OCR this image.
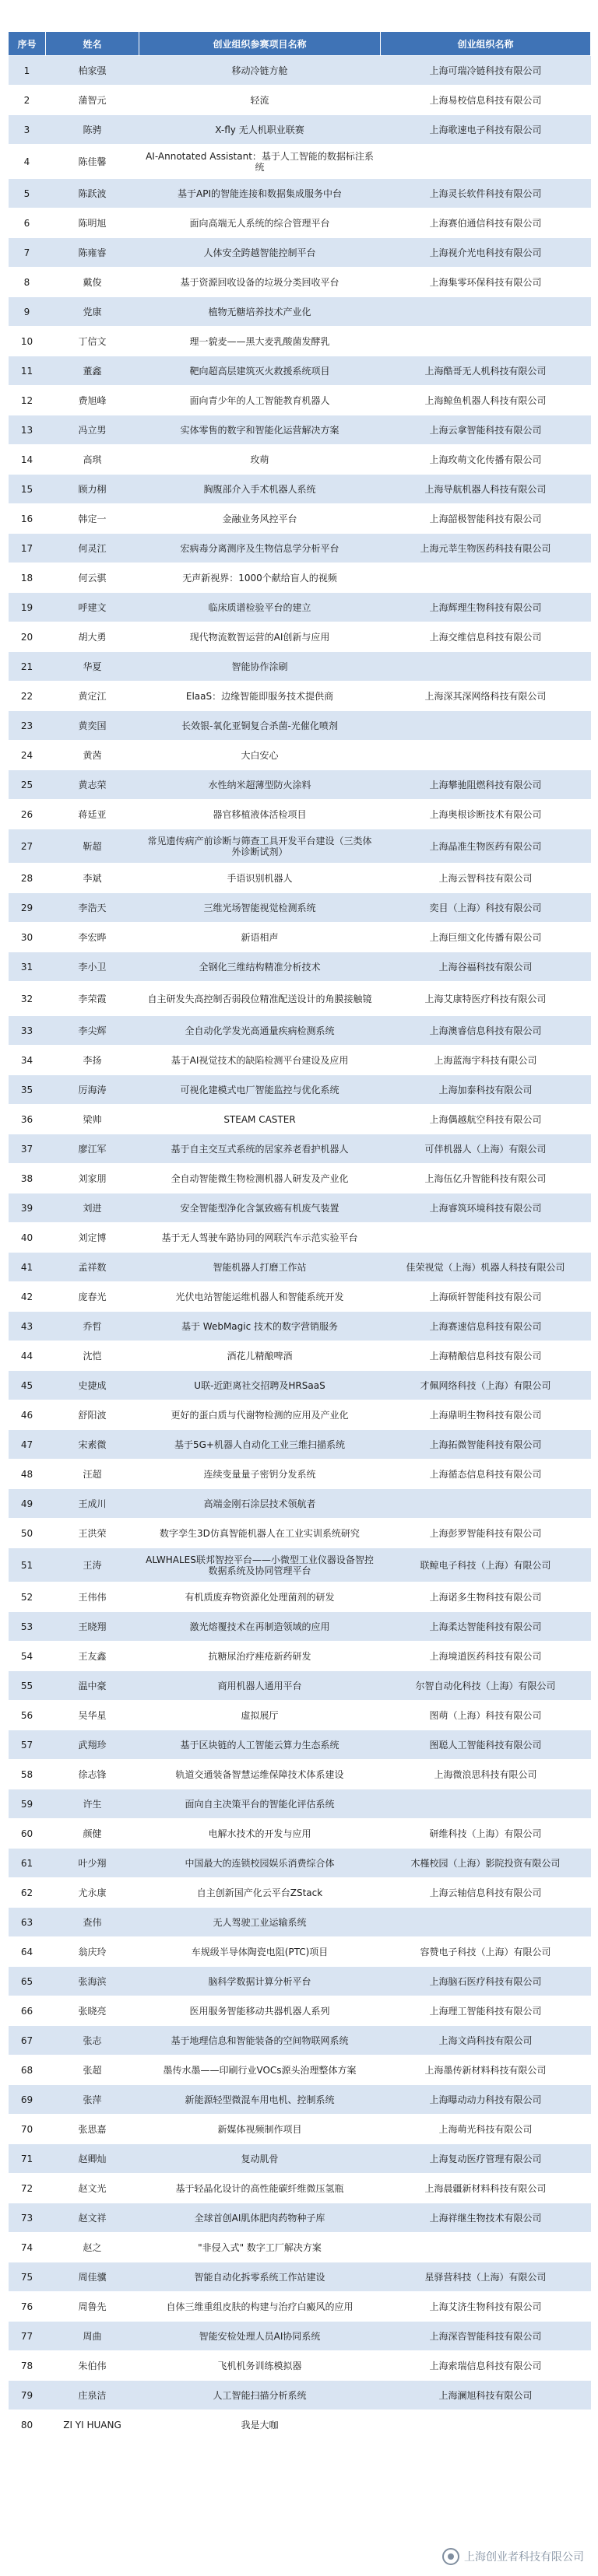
序号	姓名	创业组织参赛项目名称	创业组织名称
1	柏家强	移动冷链方舱	上海可瑞冷链科技有限公司
2	蒲智元	轻流	上海易校信息科技有限公司
3	陈骋	X-fly 无人机职业联赛	上海歌速电子科技有限公司
4	陈佳馨	AI-Annotated Assistant：基于人工智能的数据标注系统	
5	陈跃波	基于API的智能连接和数据集成服务中台	上海灵长软件科技有限公司
6	陈明旭	面向高端无人系统的综合管理平台	上海赛伯通信科技有限公司
7	陈雍睿	人体安全跨越智能控制平台	上海视介光电科技有限公司
8	戴俊	基于资源回收设备的垃圾分类回收平台	上海集零环保科技有限公司
9	党康	植物无糖培养技术产业化	
10	丁信文	理一貌麦——黑大麦乳酸菌发酵乳	
11	董鑫	靶向超高层建筑灭火救援系统项目	上海酷哥无人机科技有限公司
12	费旭峰	面向青少年的人工智能教育机器人	上海鲸鱼机器人科技有限公司
13	冯立男	实体零售的数字和智能化运营解决方案	上海云拿智能科技有限公司
14	高琪	玫萌	上海玫萌文化传播有限公司
15	顾力栩	胸腹部介入手术机器人系统	上海导航机器人科技有限公司
16	韩定一	金融业务风控平台	上海韶极智能科技有限公司
17	何灵江	宏病毒分离测序及生物信息学分析平台	上海元莘生物医药科技有限公司
18	何云骐	无声新视界：1000个献给盲人的视频	
19	呼建文	临床质谱检验平台的建立	上海辉理生物科技有限公司
20	胡大勇	现代物流数智运营的AI创新与应用	上海交维信息科技有限公司
21	华夏	智能协作涂刷	
22	黄定江	ElaaS：边缘智能即服务技术提供商	上海深其深网络科技有限公司
23	黄奕国	长效银-氧化亚铜复合杀菌-光催化喷剂	
24	黄茜	大白安心	
25	黄志荣	水性纳米超薄型防火涂料	上海攀驰阻燃科技有限公司
26	蒋廷亚	器官移植液体活检项目	上海奥根诊断技术有限公司
27	靳超	常见遗传病产前诊断与筛查工具开发平台建设（三类体外诊断试剂）	上海晶准生物医药有限公司
28	李斌	手语识别机器人	上海云智科技有限公司
29	李浩天	三维光场智能视觉检测系统	奕目（上海）科技有限公司
30	李宏晔	新语相声	上海巨细文化传播有限公司
31	李小卫	全钢化三维结构精准分析技术	上海谷福科技有限公司
32	李荣霞	自主研发失高控制否弱段位精准配送设计的角膜接触镜	上海艾康特医疗科技有限公司
33	李尖辉	全自动化学发光高通量疾病检测系统	上海澳睿信息科技有限公司
34	李扬	基于AI视觉技术的缺陷检测平台建设及应用	上海蓝海宇科技有限公司
35	厉海涛	可视化建模式电厂智能监控与优化系统	上海加泰科技有限公司
36	梁帅	STEAM CASTER	上海偶越航空科技有限公司
37	廖江军	基于自主交互式系统的居家养老看护机器人	可伴机器人（上海）有限公司
38	刘家朋	全自动智能微生物检测机器人研发及产业化	上海伍亿升智能科技有限公司
39	刘进	安全智能型净化含氯致癌有机废气装置	上海睿筑环境科技有限公司
40	刘定博	基于无人驾驶车路协同的网联汽车示范实验平台	
41	孟祥数	智能机器人打磨工作站	佳荣视觉（上海）机器人科技有限公司
42	庞春光	光伏电站智能运维机器人和智能系统开发	上海硕轩智能科技有限公司
43	乔哲	基于 WebMagic 技术的数字营销服务	上海赛速信息科技有限公司
44	沈恺	酒花儿精酿啤酒	上海精酿信息科技有限公司
45	史捷成	U联-近距离社交招聘及HRSaaS	才佩网络科技（上海）有限公司
46	舒阳波	更好的蛋白质与代谢物检测的应用及产业化	上海鼎明生物科技有限公司
47	宋素微	基于5G+机器人自动化工业三维扫描系统	上海拓微智能科技有限公司
48	汪超	连续变量量子密钥分发系统	上海循态信息科技有限公司
49	王成川	高端金刚石涂层技术领航者	
50	王洪荣	数字孪生3D仿真智能机器人在工业实训系统研究	上海彭罗智能科技有限公司
51	王涛	ALWHALES联邦智控平台——小微型工业仪器设备智控数据系统及协同管理平台	联鲸电子科技（上海）有限公司
52	王伟伟	有机质废弃物资源化处理菌剂的研发	上海诺多生物科技有限公司
53	王晓翔	激光熔覆技术在再制造领域的应用	上海柔达智能科技有限公司
54	王友鑫	抗糖尿治疗痤疮新药研发	上海境道医药科技有限公司
55	温中豪	商用机器人通用平台	尔智自动化科技（上海）有限公司
56	吴华星	虚拟展厅	图萌（上海）科技有限公司
57	武翔珍	基于区块链的人工智能云算力生态系统	图聪人工智能科技有限公司
58	徐志锋	轨道交通装备智慧运维保障技术体系建设	上海微浪思科技有限公司
59	许生	面向自主决策平台的智能化评估系统	
60	颜健	电解水技术的开发与应用	研维科技（上海）有限公司
61	叶少翔	中国最大的连锁校园娱乐消费综合体	木槿校园（上海）影院投资有限公司
62	尤永康	自主创新国产化云平台ZStack	上海云轴信息科技有限公司
63	查伟	无人驾驶工业运输系统	
64	翁庆玲	车规级半导体陶瓷电阻(PTC)项目	容赞电子科技（上海）有限公司
65	张海滨	脑科学数据计算分析平台	上海脑石医疗科技有限公司
66	张晓亮	医用服务智能移动共器机器人系列	上海理工智能科技有限公司
67	张志	基于地理信息和智能装备的空间物联网系统	上海文尚科技有限公司
68	张超	墨传水墨——印刷行业VOCs源头治理整体方案	上海墨传新材料科技有限公司
69	张萍	新能源轻型微混车用电机、控制系统	上海曝动动力科技有限公司
70	张思嘉	新媒体视频制作项目	上海萌光科技有限公司
71	赵卿灿	复动肌骨	上海复动医疗管理有限公司
72	赵文光	基于轻晶化设计的高性能碳纤维微压氢瓶	上海晨疆新材料科技有限公司
73	赵文祥	全球首创AI肌体肥肉药物种子库	上海祥继生物技术有限公司
74	赵之	"非侵入式" 数字工厂解决方案	
75	周佳骥	智能自动化拆零系统工作站建设	星驿营科技（上海）有限公司
76	周鲁先	自体三维重组皮肤的构建与治疗白癜风的应用	上海艾济生物科技有限公司
77	周曲	智能安检处理人员AI协同系统	上海深咨智能科技有限公司
78	朱伯伟	飞机机务训练模拟器	上海索瑞信息科技有限公司
79	庄泉洁	人工智能扫描分析系统	上海澜旭科技有限公司
80	ZI YI HUANG	我是大咖	
上海创业者科技有限公司
